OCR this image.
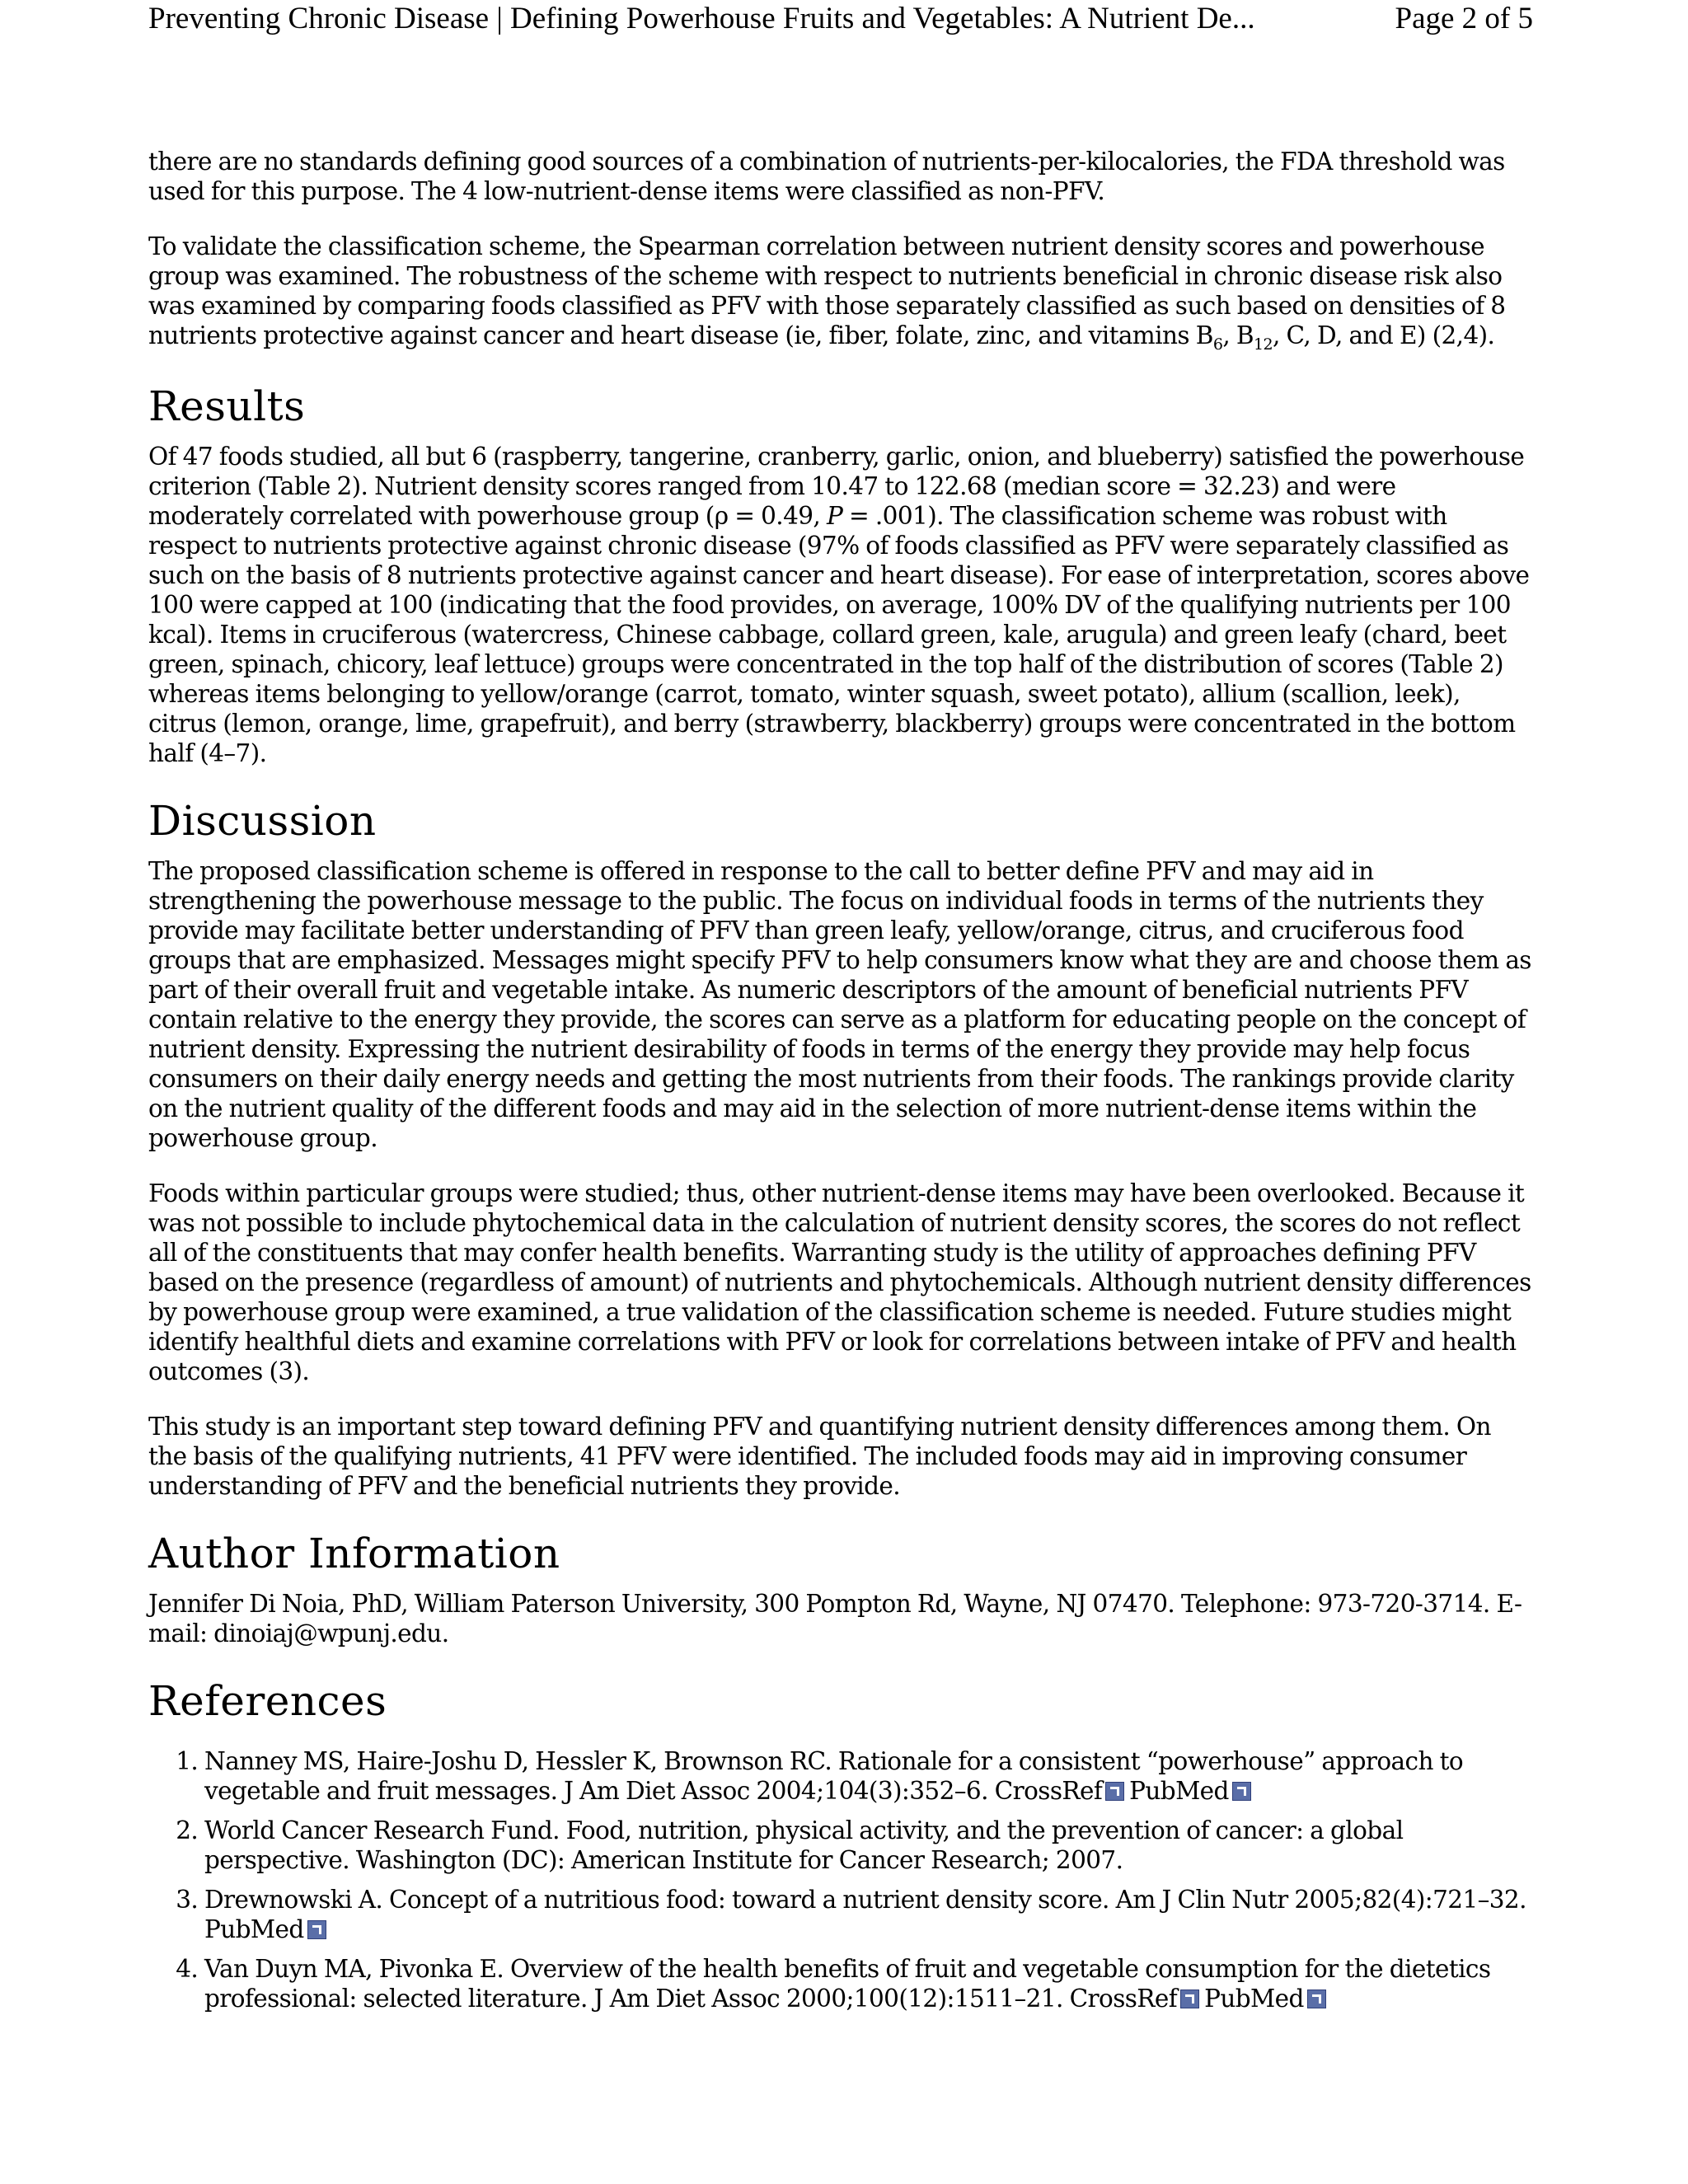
Preventing Chronic Disease | Defining Powerhouse Fruits and Vegetables: A Nutrient De...	Page 2 of 5

there are no standards defining good sources of a combination of nutrients-per-kilocalories, the FDA threshold was used for this purpose. The 4 low-nutrient-dense items were classified as non-PFV.

To validate the classification scheme, the Spearman correlation between nutrient density scores and powerhouse group was examined. The robustness of the scheme with respect to nutrients beneficial in chronic disease risk also was examined by comparing foods classified as PFV with those separately classified as such based on densities of 8 nutrients protective against cancer and heart disease (ie, fiber, folate, zinc, and vitamins $B_6$, $B_{12}$, C, D, and E) (2,4).

Results

Of 47 foods studied, all but 6 (raspberry, tangerine, cranberry, garlic, onion, and blueberry) satisfied the powerhouse criterion (Table 2). Nutrient density scores ranged from 10.47 to 122.68 (median score = 32.23) and were moderately correlated with powerhouse group (ρ = 0.49, P = .001). The classification scheme was robust with respect to nutrients protective against chronic disease (97% of foods classified as PFV were separately classified as such on the basis of 8 nutrients protective against cancer and heart disease). For ease of interpretation, scores above 100 were capped at 100 (indicating that the food provides, on average, 100% DV of the qualifying nutrients per 100 kcal). Items in cruciferous (watercress, Chinese cabbage, collard green, kale, arugula) and green leafy (chard, beet green, spinach, chicory, leaf lettuce) groups were concentrated in the top half of the distribution of scores (Table 2) whereas items belonging to yellow/orange (carrot, tomato, winter squash, sweet potato), allium (scallion, leek), citrus (lemon, orange, lime, grapefruit), and berry (strawberry, blackberry) groups were concentrated in the bottom half (4–7).

Discussion

The proposed classification scheme is offered in response to the call to better define PFV and may aid in strengthening the powerhouse message to the public. The focus on individual foods in terms of the nutrients they provide may facilitate better understanding of PFV than green leafy, yellow/orange, citrus, and cruciferous food groups that are emphasized. Messages might specify PFV to help consumers know what they are and choose them as part of their overall fruit and vegetable intake. As numeric descriptors of the amount of beneficial nutrients PFV contain relative to the energy they provide, the scores can serve as a platform for educating people on the concept of nutrient density. Expressing the nutrient desirability of foods in terms of the energy they provide may help focus consumers on their daily energy needs and getting the most nutrients from their foods. The rankings provide clarity on the nutrient quality of the different foods and may aid in the selection of more nutrient-dense items within the powerhouse group.

Foods within particular groups were studied; thus, other nutrient-dense items may have been overlooked. Because it was not possible to include phytochemical data in the calculation of nutrient density scores, the scores do not reflect all of the constituents that may confer health benefits. Warranting study is the utility of approaches defining PFV based on the presence (regardless of amount) of nutrients and phytochemicals. Although nutrient density differences by powerhouse group were examined, a true validation of the classification scheme is needed. Future studies might identify healthful diets and examine correlations with PFV or look for correlations between intake of PFV and health outcomes (3).

This study is an important step toward defining PFV and quantifying nutrient density differences among them. On the basis of the qualifying nutrients, 41 PFV were identified. The included foods may aid in improving consumer understanding of PFV and the beneficial nutrients they provide.

Author Information

Jennifer Di Noia, PhD, William Paterson University, 300 Pompton Rd, Wayne, NJ 07470. Telephone: 973-720-3714. E-mail: dinoiaj@wpunj.edu.

References
1. Nanney MS, Haire-Joshu D, Hessler K, Brownson RC. Rationale for a consistent “powerhouse” approach to vegetable and fruit messages. J Am Diet Assoc 2004;104(3):352–6. CrossRef PubMed
2. World Cancer Research Fund. Food, nutrition, physical activity, and the prevention of cancer: a global perspective. Washington (DC): American Institute for Cancer Research; 2007.
3. Drewnowski A. Concept of a nutritious food: toward a nutrient density score. Am J Clin Nutr 2005;82(4):721–32. PubMed
4. Van Duyn MA, Pivonka E. Overview of the health benefits of fruit and vegetable consumption for the dietetics professional: selected literature. J Am Diet Assoc 2000;100(12):1511–21. CrossRef PubMed
